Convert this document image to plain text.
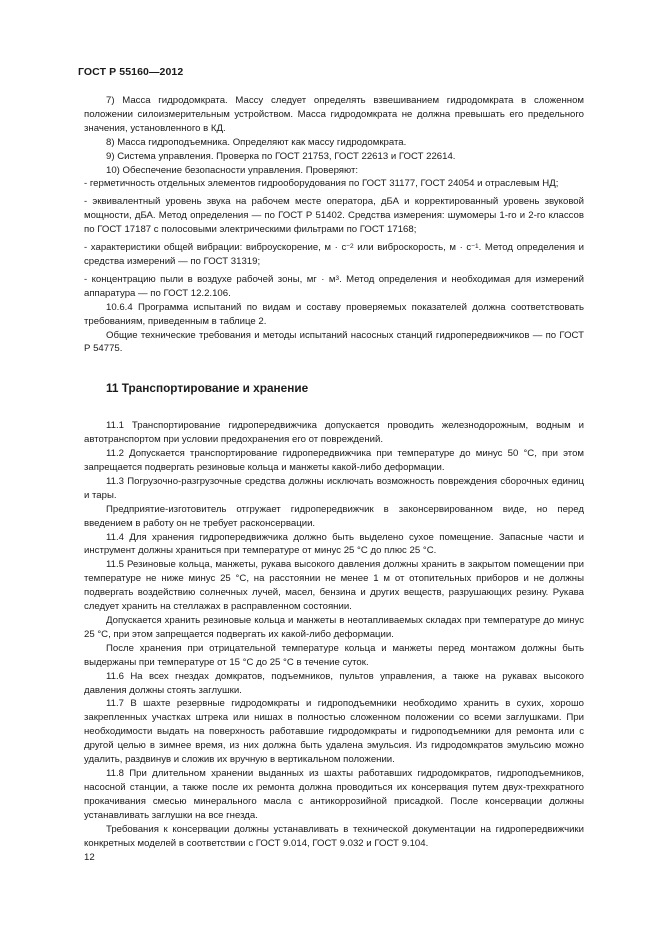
ГОСТ Р 55160—2012

7) Масса гидродомкрата. Массу следует определять взвешиванием гидродомкрата в сложенном положении силоизмерительным устройством. Масса гидродомкрата не должна превышать его предельного значения, установленного в КД.

8) Масса гидроподъемника. Определяют как массу гидродомкрата.

9) Система управления. Проверка по ГОСТ 21753, ГОСТ 22613 и ГОСТ 22614.

10) Обеспечение безопасности управления. Проверяют:

- герметичность отдельных элементов гидрооборудования по ГОСТ 31177, ГОСТ 24054 и отраслевым НД;

- эквивалентный уровень звука на рабочем месте оператора, дБА и корректированный уровень звуковой мощности, дБА. Метод определения — по ГОСТ Р 51402. Средства измерения: шумомеры 1-го и 2-го классов по ГОСТ 17187 с полосовыми электрическими фильтрами по ГОСТ 17168;

- характеристики общей вибрации: виброускорение, $м \cdot с^{-2}$ или виброскорость, $м \cdot с^{-1}$. Метод определения и средства измерений — по ГОСТ 31319;

- концентрацию пыли в воздухе рабочей зоны, мг · $м^3$. Метод определения и необходимая для измерений аппаратура — по ГОСТ 12.2.106.

10.6.4 Программа испытаний по видам и составу проверяемых показателей должна соответствовать требованиям, приведенным в таблице 2.

Общие технические требования и методы испытаний насосных станций гидропередвижчиков — по ГОСТ Р 54775.

11 Транспортирование и хранение

11.1 Транспортирование гидропередвижчика допускается проводить железнодорожным, водным и автотранспортом при условии предохранения его от повреждений.

11.2 Допускается транспортирование гидропередвижчика при температуре до минус 50 °С, при этом запрещается подвергать резиновые кольца и манжеты какой-либо деформации.

11.3 Погрузочно-разгрузочные средства должны исключать возможность повреждения сборочных единиц и тары.

Предприятие-изготовитель отгружает гидропередвижчик в законсервированном виде, но перед введением в работу он не требует расконсервации.

11.4 Для хранения гидропередвижчика должно быть выделено сухое помещение. Запасные части и инструмент должны храниться при температуре от минус 25 °С до плюс 25 °С.

11.5 Резиновые кольца, манжеты, рукава высокого давления должны хранить в закрытом помещении при температуре не ниже минус 25 °С, на расстоянии не менее 1 м от отопительных приборов и не должны подвергать воздействию солнечных лучей, масел, бензина и других веществ, разрушающих резину. Рукава следует хранить на стеллажах в расправленном состоянии.

Допускается хранить резиновые кольца и манжеты в неотапливаемых складах при температуре до минус 25 °С, при этом запрещается подвергать их какой-либо деформации.

После хранения при отрицательной температуре кольца и манжеты перед монтажом должны быть выдержаны при температуре от 15 °С до 25 °С в течение суток.

11.6 На всех гнездах домкратов, подъемников, пультов управления, а также на рукавах высокого давления должны стоять заглушки.

11.7 В шахте резервные гидродомкраты и гидроподъемники необходимо хранить в сухих, хорошо закрепленных участках штрека или нишах в полностью сложенном положении со всеми заглушками. При необходимости выдать на поверхность работавшие гидродомкраты и гидроподъемники для ремонта или с другой целью в зимнее время, из них должна быть удалена эмульсия. Из гидродомкратов эмульсию можно удалить, раздвинув и сложив их вручную в вертикальном положении.

11.8 При длительном хранении выданных из шахты работавших гидродомкратов, гидроподъемников, насосной станции, а также после их ремонта должна проводиться их консервация путем двух-трехкратного прокачивания смесью минерального масла с антикоррозийной присадкой. После консервации должны устанавливать заглушки на все гнезда.

Требования к консервации должны устанавливать в технической документации на гидропередвижчики конкретных моделей в соответствии с ГОСТ 9.014, ГОСТ 9.032 и ГОСТ 9.104.

12
